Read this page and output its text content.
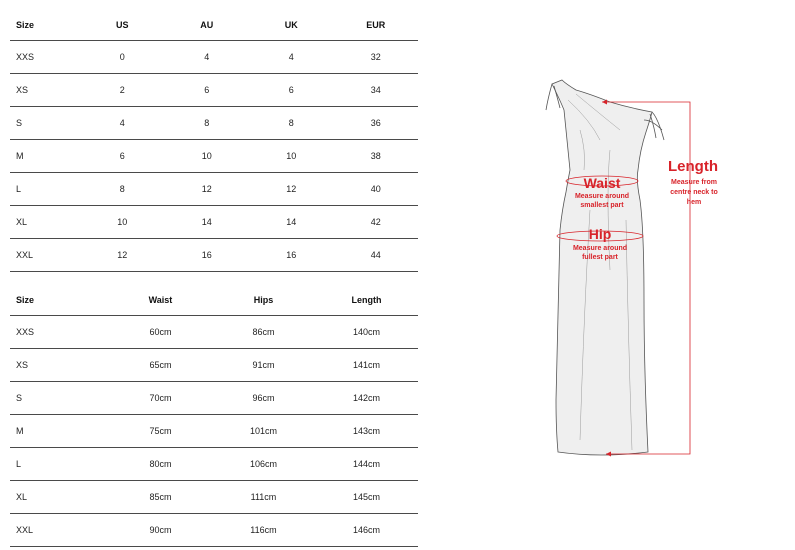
Size	US	AU	UK	EUR
XXS	0	4	4	32
XS	2	6	6	34
S	4	8	8	36
M	6	10	10	38
L	8	12	12	40
XL	10	14	14	42
XXL	12	16	16	44
Size	Waist	Hips	Length
XXS	60cm	86cm	140cm
XS	65cm	91cm	141cm
S	70cm	96cm	142cm
M	75cm	101cm	143cm
L	80cm	106cm	144cm
XL	85cm	111cm	145cm
XXL	90cm	116cm	146cm
Waist
Measure around
smallest part
Hip
Measure around
fullest part
Length
Measure from
centre neck to
hem
